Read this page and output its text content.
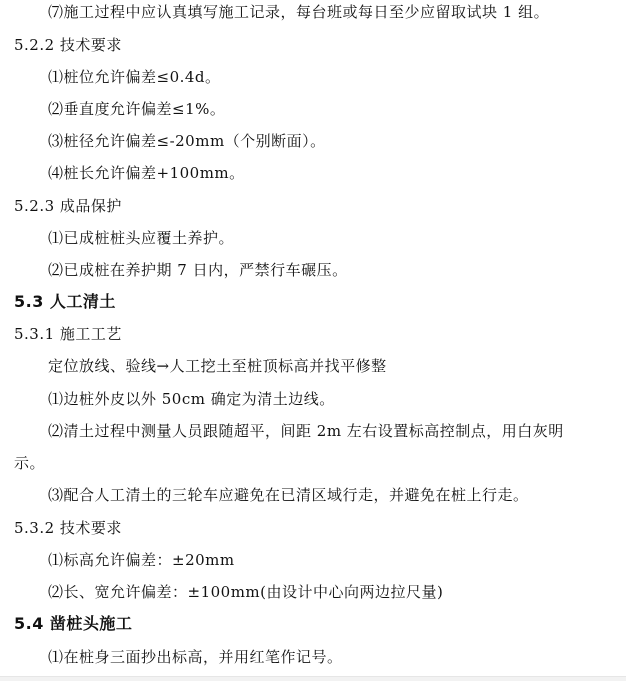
⑺施工过程中应认真填写施工记录，每台班或每日至少应留取试块 1 组。
5.2.2 技术要求
⑴桩位允许偏差≤0.4d。
⑵垂直度允许偏差≤1%。
⑶桩径允许偏差≤-20mm（个别断面）。
⑷桩长允许偏差+100mm。
5.2.3 成品保护
⑴已成桩桩头应覆土养护。
⑵已成桩在养护期 7 日内，严禁行车碾压。
5.3 人工清土
5.3.1 施工工艺
定位放线、验线→人工挖土至桩顶标高并找平修整
⑴边桩外皮以外 50cm 确定为清土边线。
⑵清土过程中测量人员跟随超平，间距 2m 左右设置标高控制点，用白灰明
示。
⑶配合人工清土的三轮车应避免在已清区域行走，并避免在桩上行走。
5.3.2 技术要求
⑴标高允许偏差：±20mm
⑵长、宽允许偏差：±100mm(由设计中心向两边拉尺量)
5.4 凿桩头施工
⑴在桩身三面抄出标高，并用红笔作记号。
